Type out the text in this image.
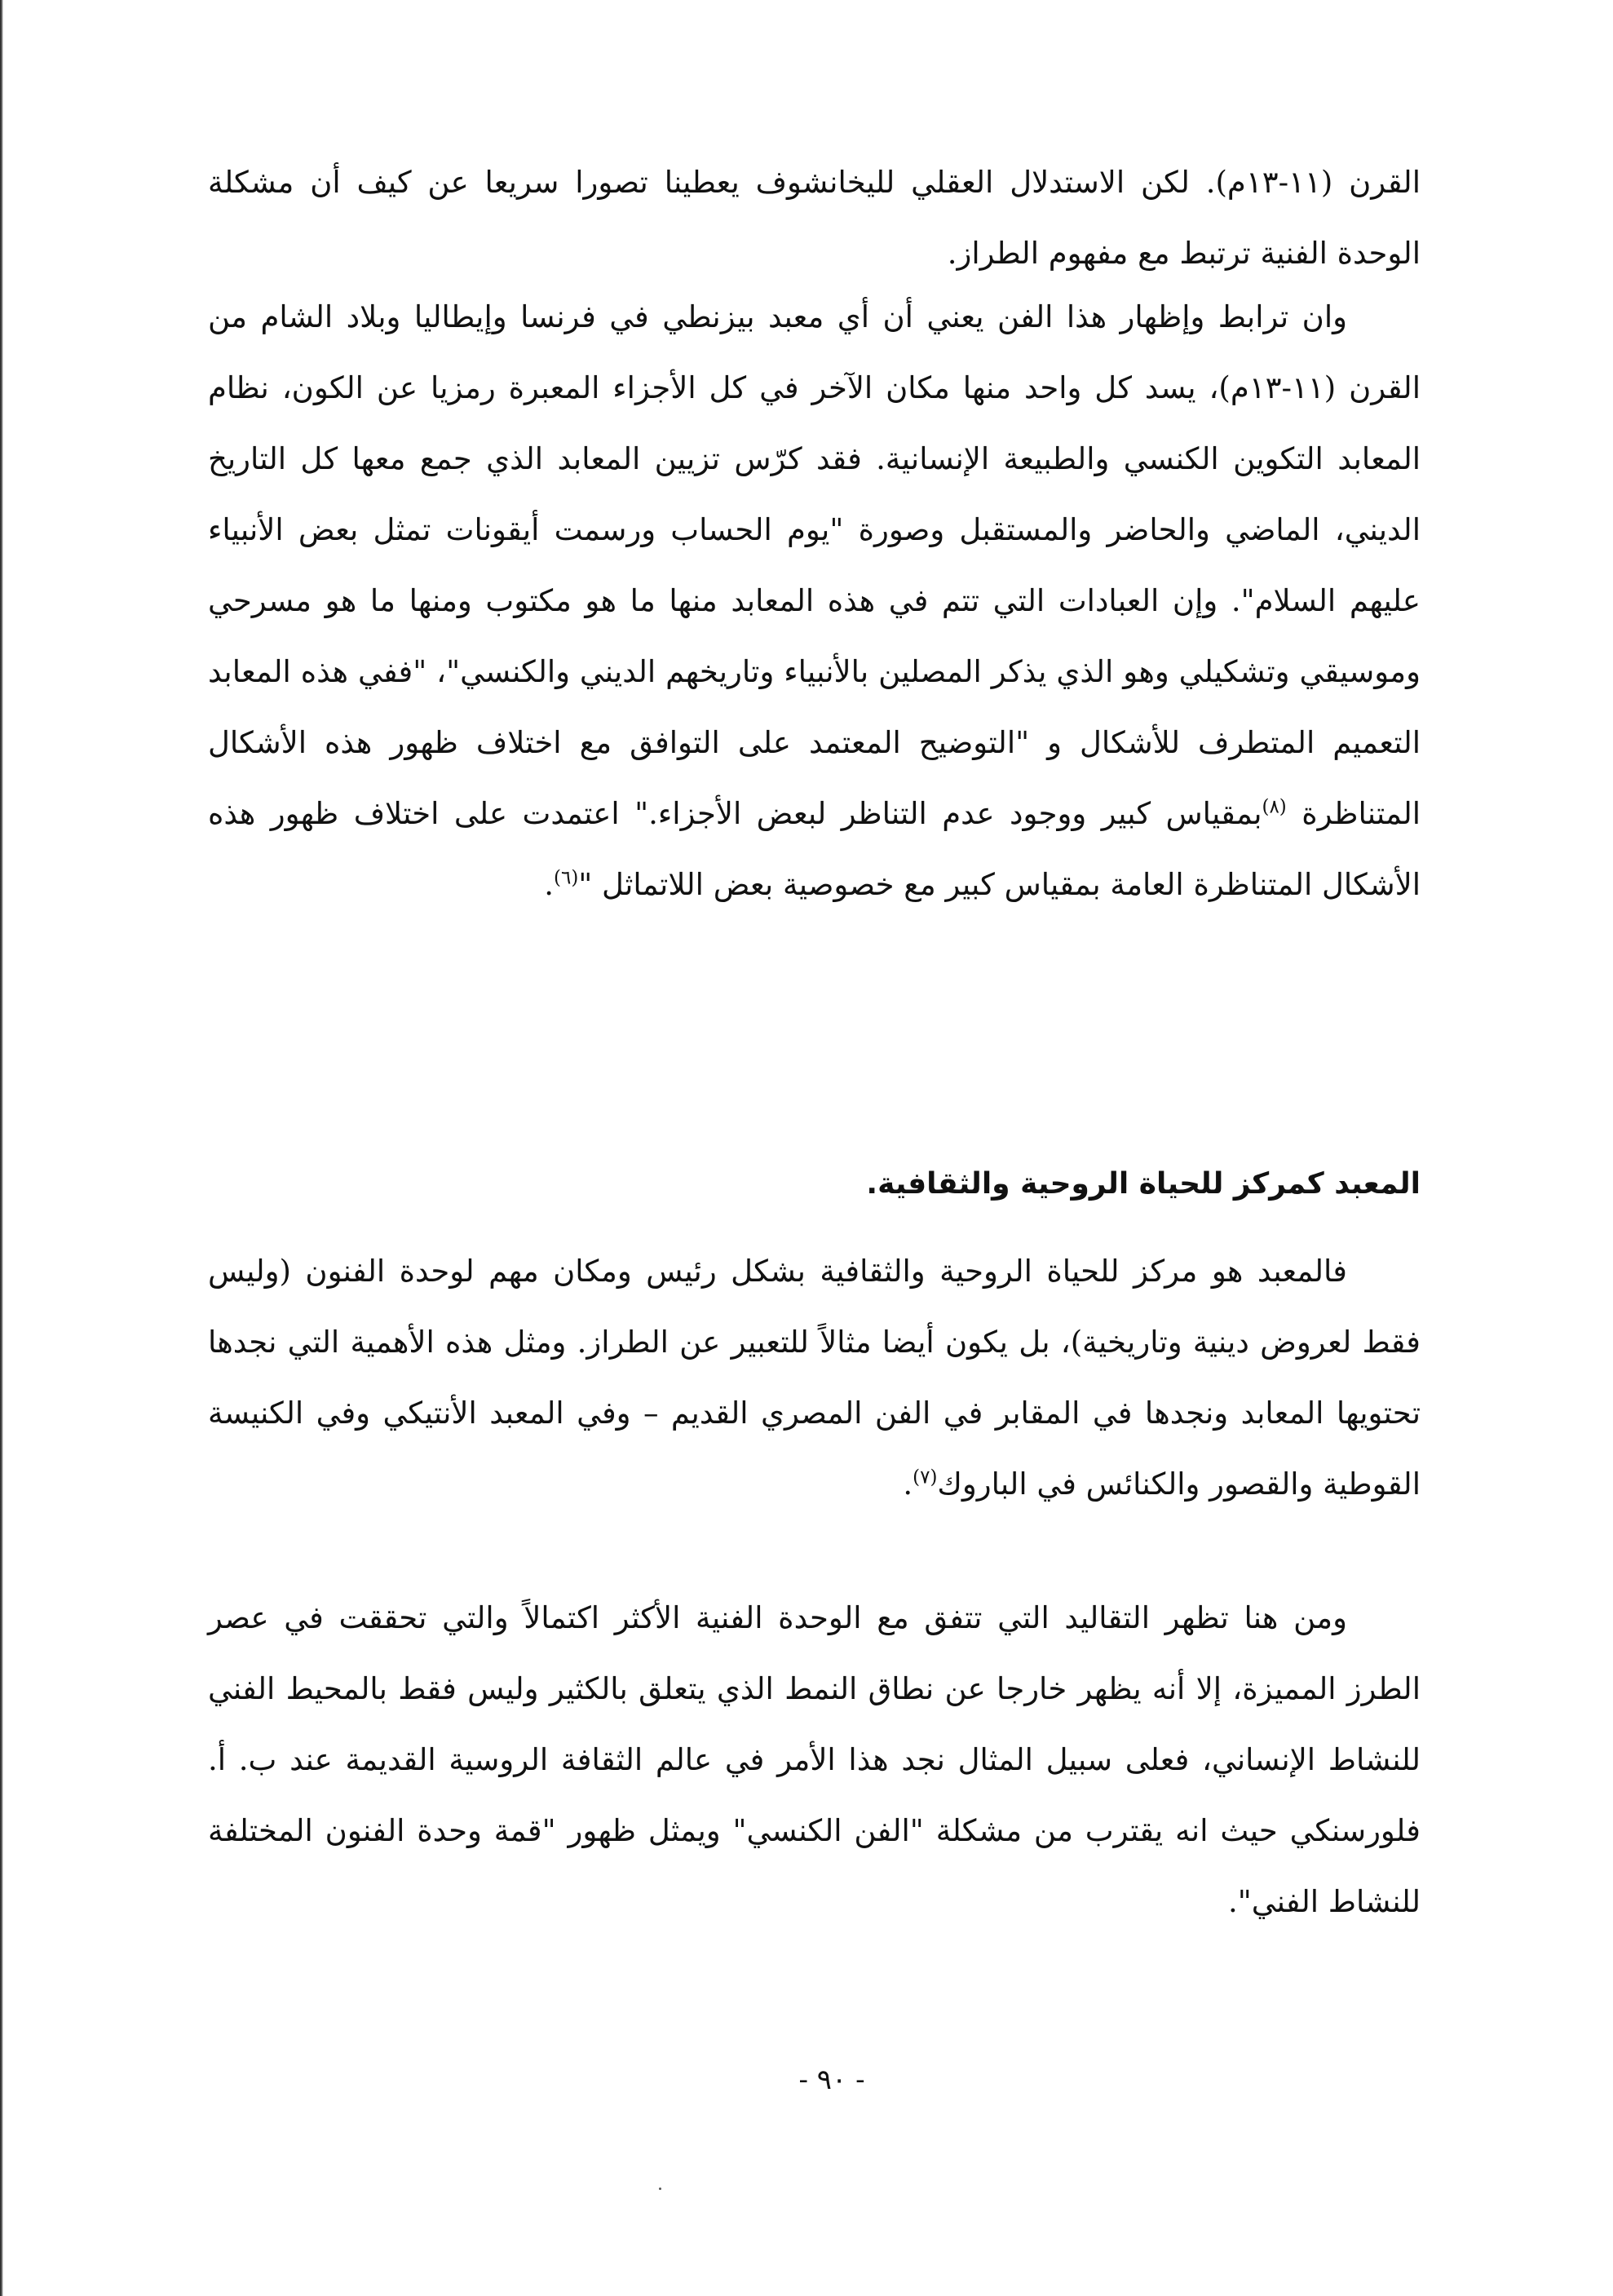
القرن (١١-١٣م). لكن الاستدلال العقلي لليخانشوف يعطينا تصورا سريعا عن كيف أن مشكلة الوحدة الفنية ترتبط مع مفهوم الطراز.

وان ترابط وإظهار هذا الفن يعني أن أي معبد بيزنطي في فرنسا وإيطاليا وبلاد الشام من القرن (١١-١٣م)، يسد كل واحد منها مكان الآخر في كل الأجزاء المعبرة رمزيا عن الكون، نظام المعابد التكوين الكنسي والطبيعة الإنسانية. فقد كرّس تزيين المعابد الذي جمع معها كل التاريخ الديني، الماضي والحاضر والمستقبل وصورة "يوم الحساب ورسمت أيقونات تمثل بعض الأنبياء عليهم السلام". وإن العبادات التي تتم في هذه المعابد منها ما هو مكتوب ومنها ما هو مسرحي وموسيقي وتشكيلي وهو الذي يذكر المصلين بالأنبياء وتاريخهم الديني والكنسي"، "ففي هذه المعابد التعميم المتطرف للأشكال و "التوضيح المعتمد على التوافق مع اختلاف ظهور هذه الأشكال المتناظرة $^{(٨)}$بمقياس كبير ووجود عدم التناظر لبعض الأجزاء." اعتمدت على اختلاف ظهور هذه الأشكال المتناظرة العامة بمقياس كبير مع خصوصية بعض اللاتماثل "$^{(٦)}$.

المعبد كمركز للحياة الروحية والثقافية.

فالمعبد هو مركز للحياة الروحية والثقافية بشكل رئيس ومكان مهم لوحدة الفنون (وليس فقط لعروض دينية وتاريخية)، بل يكون أيضا مثالاً للتعبير عن الطراز. ومثل هذه الأهمية التي نجدها تحتويها المعابد ونجدها في المقابر في الفن المصري القديم – وفي المعبد الأنتيكي وفي الكنيسة القوطية والقصور والكنائس في الباروك$^{(٧)}$.

ومن هنا تظهر التقاليد التي تتفق مع الوحدة الفنية الأكثر اكتمالاً والتي تحققت في عصر الطرز المميزة، إلا أنه يظهر خارجا عن نطاق النمط الذي يتعلق بالكثير وليس فقط بالمحيط الفني للنشاط الإنساني، فعلى سبيل المثال نجد هذا الأمر في عالم الثقافة الروسية القديمة عند ب. أ. فلورسنكي حيث انه يقترب من مشكلة "الفن الكنسي" ويمثل ظهور "قمة وحدة الفنون المختلفة للنشاط الفني".

- ٩٠ -
